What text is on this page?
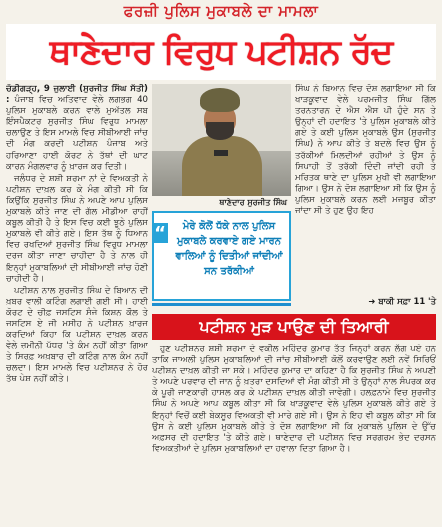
ਫਰਜ਼ੀ ਪੁਲਿਸ ਮੁਕਾਬਲੇ ਦਾ ਮਾਮਲਾ
ਥਾਣੇਦਾਰ ਵਿਰੁਧ ਪਟੀਸ਼ਨ ਰੱਦ

ਚੰਡੀਗੜ੍ਹ, 9 ਜੁਲਾਈ (ਸੁਰਜੀਤ ਸਿੰਘ ਸੱਤੀ) : ਪੰਜਾਬ ਵਿਚ ਅਤਿਵਾਦ ਵੇਲੇ ਲਗਭਗ 40 ਪੁਲਿਸ ਮੁਕਾਬਲੇ ਕਰਨ ਵਾਲੇ ਮੁਅੱਤਲ ਸਬ ਇੰਸਪੈਕਟਰ ਸੁਰਜੀਤ ਸਿੰਘ ਵਿਰੁਧ ਮਾਮਲਾ ਚਲਾਉਣ ਤੇ ਇਸ ਮਾਮਲੇ ਵਿਚ ਸੀਬੀਆਈ ਜਾਂਚ ਦੀ ਮੰਗ ਕਰਦੀ ਪਟੀਸ਼ਨ ਪੰਜਾਬ ਅਤੇ ਹਰਿਆਣਾ ਹਾਈ ਕੋਰਟ ਨੇ ਤੱਥਾਂ ਦੀ ਘਾਟ ਕਾਰਨ ਮੰਗਲਵਾਰ ਨੂੰ ਖ਼ਾਰਜ ਕਰ ਦਿਤੀ।

ਜਲੰਧਰ ਦੇ ਸ਼ਸ਼ੀ ਸ਼ਰਮਾ ਨਾਂ ਦੇ ਵਿਅਕਤੀ ਨੇ ਪਟੀਸ਼ਨ ਦਾਖ਼ਲ ਕਰ ਕੇ ਮੰਗ ਕੀਤੀ ਸੀ ਕਿ ਕਿਉਂਕਿ ਸੁਰਜੀਤ ਸਿੰਘ ਨੇ ਅਪਣੇ ਆਪ ਪੁਲਿਸ ਮੁਕਾਬਲੇ ਕੀਤੇ ਜਾਣ ਦੀ ਗੱਲ ਮੀਡੀਆ ਰਾਹੀਂ ਕਬੂਲ ਕੀਤੀ ਹੈ ਤੇ ਇਸ ਵਿਚ ਕਈ ਝੂਠੇ ਪੁਲਿਸ ਮੁਕਾਬਲੇ ਵੀ ਕੀਤੇ ਗਏ। ਇਸ ਤੱਥ ਨੂੰ ਧਿਆਨ ਵਿਚ ਰਖਦਿਆਂ ਸੁਰਜੀਤ ਸਿੰਘ ਵਿਰੁਧ ਮਾਮਲਾ ਦਰਜ ਕੀਤਾ ਜਾਣਾ ਚਾਹੀਦਾ ਹੈ ਤੇ ਨਾਲ ਹੀ ਇਨ੍ਹਾਂ ਮੁਕਾਬਲਿਆਂ ਦੀ ਸੀਬੀਆਈ ਜਾਂਚ ਹੋਣੀ ਚਾਹੀਦੀ ਹੈ।

ਪਟੀਸ਼ਨ ਨਾਲ ਸੁਰਜੀਤ ਸਿੰਘ ਦੇ ਬਿਆਨ ਦੀ ਖ਼ਬਰ ਵਾਲੀ ਕਟਿੰਗ ਲਗਾਈ ਗਈ ਸੀ। ਹਾਈ ਕੋਰਟ ਦੇ ਚੀਫ਼ ਜਸਟਿਸ ਸੰਜੇ ਕਿਸ਼ਨ ਕੌਲ ਤੇ ਜਸਟਿਸ ਏ ਜੀ ਮਸੀਹ ਨੇ ਪਟੀਸ਼ਨ ਖ਼ਾਰਜ ਕਰਦਿਆਂ ਕਿਹਾ ਕਿ ਪਟੀਸ਼ਨ ਦਾਖ਼ਲ ਕਰਨ ਵੇਲੇ ਜ਼ਮੀਨੀ ਪੱਧਰ 'ਤੇ ਕੰਮ ਨਹੀਂ ਕੀਤਾ ਗਿਆ ਤੇ ਸਿਰਫ਼ ਅਖ਼ਬਾਰ ਦੀ ਕਟਿੰਗ ਨਾਲ ਕੰਮ ਨਹੀਂ ਚਲਦਾ। ਇਸ ਮਾਮਲੇ ਵਿਚ ਪਟੀਸ਼ਨਰ ਨੇ ਹੋਰ ਤੱਥ ਪੇਸ਼ ਨਹੀਂ ਕੀਤੇ।

ਥਾਣੇਦਾਰ ਸੁਰਜੀਤ ਸਿੰਘ
“	ਮੇਰੇ ਕੋਲੋਂ ਧੱਕੇ ਨਾਲ ਪੁਲਿਸ ਮੁਕਾਬਲੇ ਕਰਵਾਏ ਗਏ ਮਾਰਨ ਵਾਲਿਆਂ ਨੂੰ ਦਿਤੀਆਂ ਜਾਂਦੀਆਂ ਸਨ ਤਰੱਕੀਆਂ

ਸਿੰਘ ਨੇ ਬਿਆਨ ਵਿਚ ਦੋਸ਼ ਲਗਾਇਆ ਸੀ ਕਿ ਖਾੜਕੂਵਾਦ ਵੇਲੇ ਪਰਮਜੀਤ ਸਿੰਘ ਗਿੱਲ ਤਰਨਤਾਰਨ ਦੇ ਐਸ ਐਸ ਪੀ ਹੁੰਦੇ ਸਨ ਤੇ ਉਨ੍ਹਾਂ ਦੀ ਹਦਾਇਤ 'ਤੇ ਪੁਲਿਸ ਮੁਕਾਬਲੇ ਕੀਤੇ ਗਏ ਤੇ ਕਈ ਪੁਲਿਸ ਮੁਕਾਬਲੇ ਉਸ (ਸੁਰਜੀਤ ਸਿੰਘ) ਨੇ ਆਪ ਕੀਤੇ ਤੇ ਬਦਲੇ ਵਿਚ ਉਸ ਨੂੰ ਤਰੱਕੀਆਂ ਮਿਲਦੀਆਂ ਰਹੀਆਂ ਤੇ ਉਸ ਨੂੰ ਸਿਪਾਹੀ ਤੋਂ ਤਰੱਕੀ ਦਿੰਦੀ ਜਾਂਦੀ ਰਹੀ ਤੇ ਮਰਿਤਕ ਥਾਣੇ ਦਾ ਪੁਲਿਸ ਮੁਖੀ ਵੀ ਲਗਾਇਆ ਗਿਆ। ਉਸ ਨੇ ਦੋਸ਼ ਲਗਾਇਆ ਸੀ ਕਿ ਉਸ ਨੂੰ ਪੁਲਿਸ ਮੁਕਾਬਲੇ ਕਰਨ ਲਈ ਮਜਬੂਰ ਕੀਤਾ ਜਾਂਦਾ ਸੀ ਤੇ ਹੁਣ ਉਹ ਇਹ

➜ ਬਾਕੀ ਸਫ਼ਾ 11 'ਤੇ
ਪਟੀਸ਼ਨ ਮੁੜ ਪਾਉਣ ਦੀ ਤਿਆਰੀ

ਹੁਣ ਪਟੀਸ਼ਨਰ ਸ਼ਸ਼ੀ ਸ਼ਰਮਾ ਦੇ ਵਕੀਲ ਮਹਿੰਦਰ ਕੁਮਾਰ ਤੱਤ ਜਿਨ੍ਹਾਂ ਕਰਨ ਲੱਗ ਪਏ ਹਨ ਤਾਕਿ ਜਾਅਲੀ ਪੁਲਿਸ ਮੁਕਾਬਲਿਆਂ ਦੀ ਜਾਂਚ ਸੀਬੀਆਈ ਕੋਲੋਂ ਕਰਵਾਉਣ ਲਈ ਨਵੇਂ ਸਿਰਿਓਂ ਪਟੀਸ਼ਨ ਦਾਖ਼ਲ ਕੀਤੀ ਜਾ ਸਕੇ। ਮਹਿੰਦਰ ਕੁਮਾਰ ਦਾ ਕਹਿਣਾ ਹੈ ਕਿ ਸੁਰਜੀਤ ਸਿੰਘ ਨੇ ਅਪਣੀ ਤੇ ਅਪਣੇ ਪਰਵਾਰ ਦੀ ਜਾਨ ਨੂੰ ਖ਼ਤਰਾ ਦਸਦਿਆਂ ਵੀ ਮੰਗ ਕੀਤੀ ਸੀ ਤੇ ਉਨ੍ਹਾਂ ਨਾਲ ਸੰਪਰਕ ਕਰ ਕੇ ਪੂਰੀ ਜਾਣਕਾਰੀ ਹਾਸਲ ਕਰ ਕੇ ਪਟੀਸ਼ਨ ਦਾਖ਼ਲ ਕੀਤੀ ਜਾਵੇਗੀ। ਹਲਫ਼ਨਾਮੇ ਵਿਚ ਸੁਰਜੀਤ ਸਿੰਘ ਨੇ ਅਪਣੇ ਆਪ ਕਬੂਲ ਕੀਤਾ ਸੀ ਕਿ ਖਾੜਕੂਵਾਦ ਵੇਲੇ ਪੁਲਿਸ ਮੁਕਾਬਲੇ ਕੀਤੇ ਗਏ ਤੇ ਇਨ੍ਹਾਂ ਵਿਚੋਂ ਕਈ ਬੇਕਸੂਰ ਵਿਅਕਤੀ ਵੀ ਮਾਰੇ ਗਏ ਸੀ। ਉਸ ਨੇ ਇਹ ਵੀ ਕਬੂਲ ਕੀਤਾ ਸੀ ਕਿ ਉਸ ਨੇ ਕਈ ਪੁਲਿਸ ਮੁਕਾਬਲੇ ਕੀਤੇ ਤੇ ਦੋਸ਼ ਲਗਾਇਆ ਸੀ ਕਿ ਮੁਕਾਬਲੇ ਪੁਲਿਸ ਦੇ ਉੱਚ ਅਫ਼ਸਰ ਦੀ ਹਦਾਇਤ 'ਤੇ ਕੀਤੇ ਗਏ। ਥਾਣੇਦਾਰ ਦੀ ਪਟੀਸ਼ਨ ਵਿਚ ਸਰਗਰਮ ਭੇਦ ਦਰਸਨ ਵਿਅਕਤੀਆਂ ਦੇ ਪੁਲਿਸ ਮੁਕਾਬਲਿਆਂ ਦਾ ਹਵਾਲਾ ਦਿਤਾ ਗਿਆ ਹੈ।
